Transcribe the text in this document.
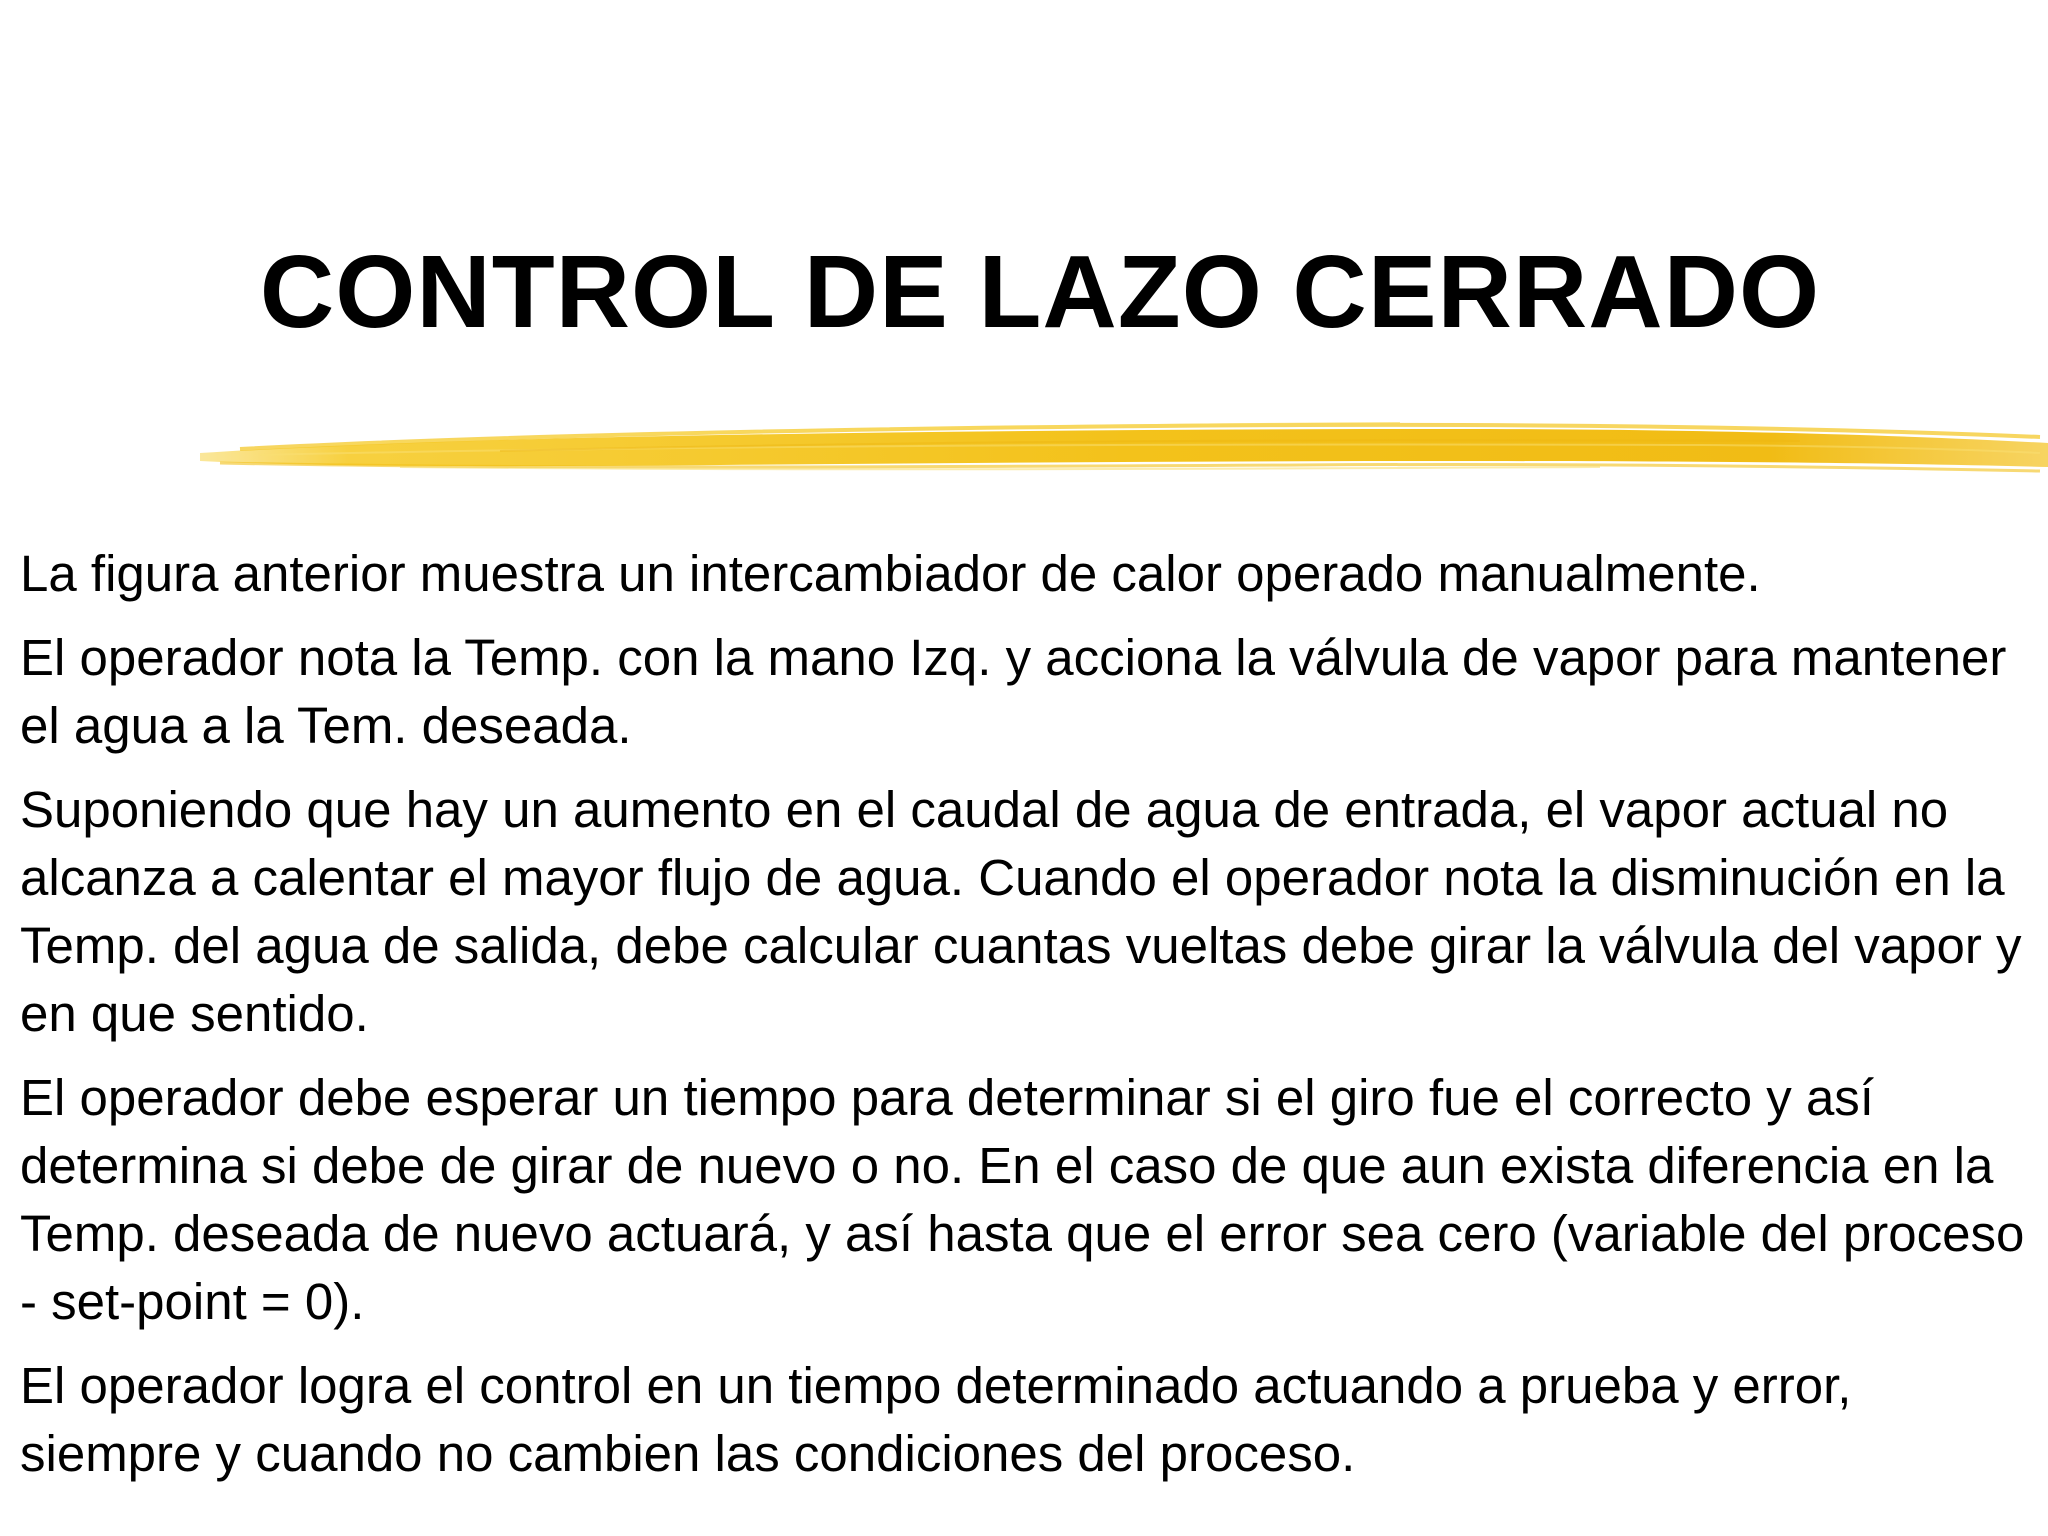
CONTROL DE LAZO CERRADO

La figura anterior muestra un intercambiador de calor operado manualmente.

El operador nota la Temp. con la mano Izq. y acciona la válvula de vapor para mantener el agua a la Tem. deseada.

Suponiendo que hay un aumento en el caudal de agua de entrada, el vapor actual no alcanza a calentar el mayor flujo de agua. Cuando el operador nota la disminución en la Temp. del agua de salida, debe calcular cuantas vueltas debe girar la válvula del vapor y en que sentido.

El operador debe esperar un tiempo para determinar si el giro fue el correcto y así determina si debe de girar de nuevo o no. En el caso de que aun exista diferencia en la Temp. deseada de nuevo actuará, y así hasta que el error sea cero (variable del proceso - set-point = 0).

El operador logra el control en un tiempo determinado actuando a prueba y error, siempre y cuando no cambien las condiciones del proceso.
